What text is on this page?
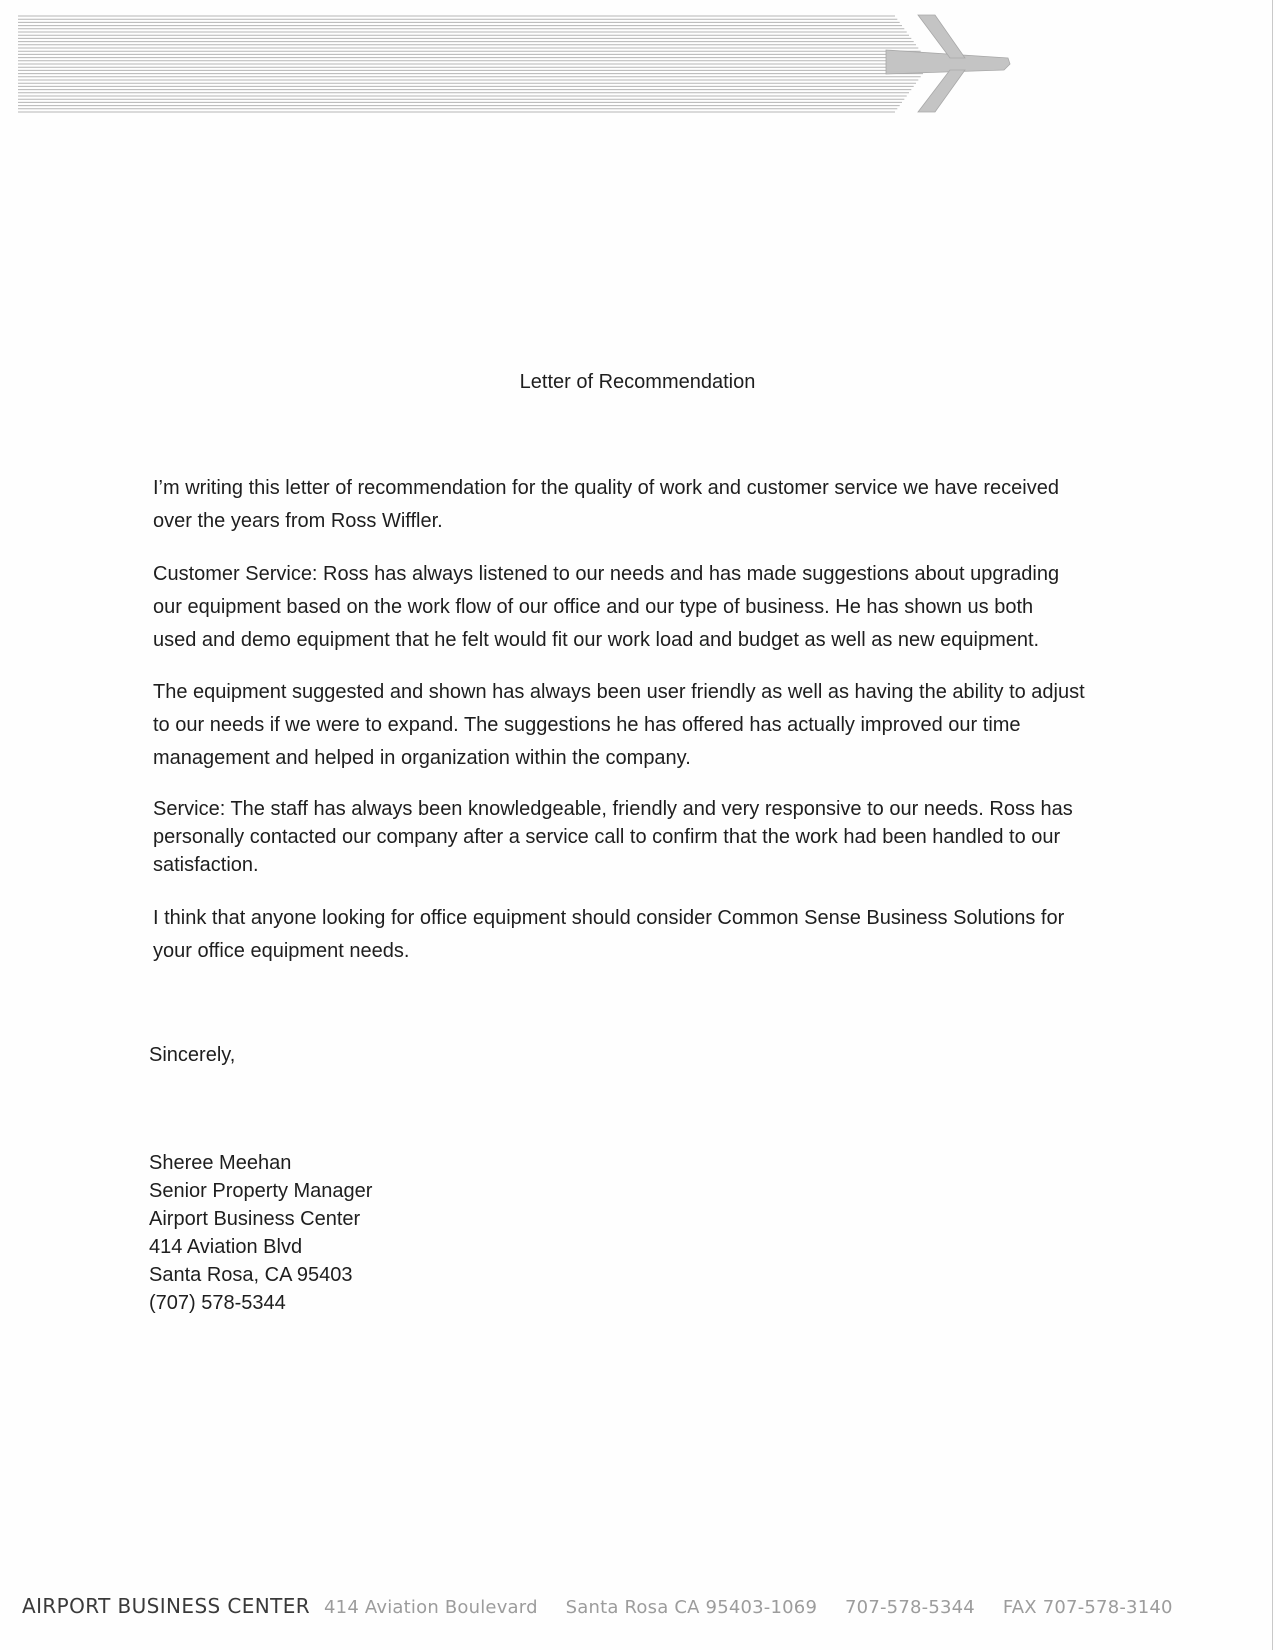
Letter of Recommendation

I’m writing this letter of recommendation for the quality of work and customer service we have received
over the years from Ross Wiffler.

Customer Service: Ross has always listened to our needs and has made suggestions about upgrading
our equipment based on the work flow of our office and our type of business. He has shown us both
used and demo equipment that he felt would fit our work load and budget as well as new equipment.

The equipment suggested and shown has always been user friendly as well as having the ability to adjust
to our needs if we were to expand. The suggestions he has offered has actually improved our time
management and helped in organization within the company.

Service: The staff has always been knowledgeable, friendly and very responsive to our needs. Ross has
personally contacted our company after a service call to confirm that the work had been handled to our
satisfaction.

I think that anyone looking for office equipment should consider Common Sense Business Solutions for
your office equipment needs.

Sincerely,
Sheree Meehan
Senior Property Manager
Airport Business Center
414 Aviation Blvd
Santa Rosa, CA 95403
(707) 578-5344
AIRPORT BUSINESS CENTER 414 Aviation Boulevard Santa Rosa CA 95403-1069 707-578-5344 FAX 707-578-3140
